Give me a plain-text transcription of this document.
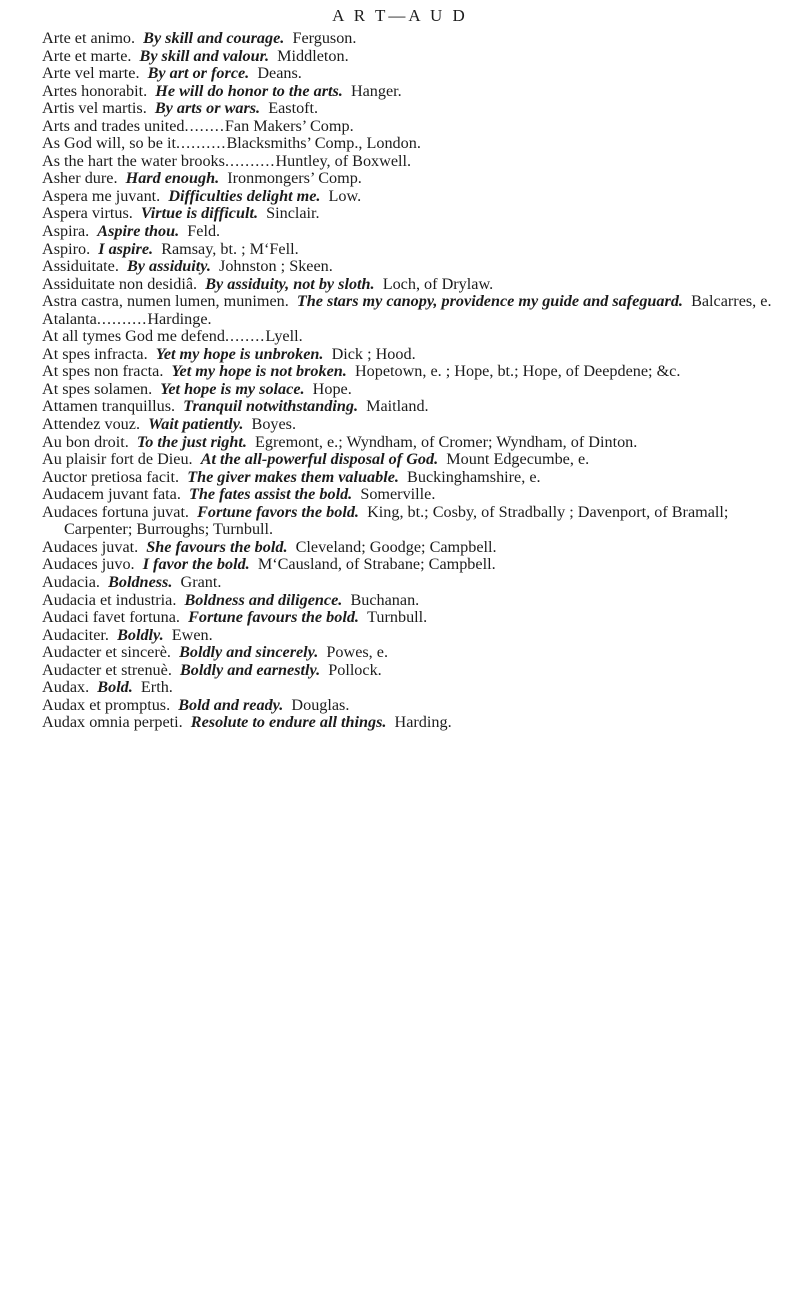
A R T—A U D
Arte et animo. By skill and courage. Ferguson.
Arte et marte. By skill and valour. Middleton.
Arte vel marte. By art or force. Deans.
Artes honorabit. He will do honor to the arts. Hanger.
Artis vel martis. By arts or wars. Eastoft.
Arts and trades united........Fan Makers’ Comp.
As God will, so be it..........Blacksmiths’ Comp., London.
As the hart the water brooks..........Huntley, of Boxwell.
Asher dure. Hard enough. Ironmongers’ Comp.
Aspera me juvant. Difficulties delight me. Low.
Aspera virtus. Virtue is difficult. Sinclair.
Aspira. Aspire thou. Feld.
Aspiro. I aspire. Ramsay, bt. ; M‘Fell.
Assiduitate. By assiduity. Johnston ; Skeen.
Assiduitate non desidiâ. By assiduity, not by sloth. Loch, of Drylaw.
Astra castra, numen lumen, munimen. The stars my canopy, providence my guide and safeguard. Balcarres, e.
Atalanta..........Hardinge.
At all tymes God me defend........Lyell.
At spes infracta. Yet my hope is unbroken. Dick ; Hood.
At spes non fracta. Yet my hope is not broken. Hopetown, e. ; Hope, bt.; Hope, of Deepdene; &c.
At spes solamen. Yet hope is my solace. Hope.
Attamen tranquillus. Tranquil notwithstanding. Maitland.
Attendez vouz. Wait patiently. Boyes.
Au bon droit. To the just right. Egremont, e.; Wyndham, of Cromer; Wyndham, of Dinton.
Au plaisir fort de Dieu. At the all-powerful disposal of God. Mount Edgecumbe, e.
Auctor pretiosa facit. The giver makes them valuable. Buckinghamshire, e.
Audacem juvant fata. The fates assist the bold. Somerville.
Audaces fortuna juvat. Fortune favors the bold. King, bt.; Cosby, of Stradbally ; Davenport, of Bramall; Carpenter; Burroughs; Turnbull.
Audaces juvat. She favours the bold. Cleveland; Goodge; Campbell.
Audaces juvo. I favor the bold. M‘Causland, of Strabane; Campbell.
Audacia. Boldness. Grant.
Audacia et industria. Boldness and diligence. Buchanan.
Audaci favet fortuna. Fortune favours the bold. Turnbull.
Audaciter. Boldly. Ewen.
Audacter et sincerè. Boldly and sincerely. Powes, e.
Audacter et strenuè. Boldly and earnestly. Pollock.
Audax. Bold. Erth.
Audax et promptus. Bold and ready. Douglas.
Audax omnia perpeti. Resolute to endure all things. Harding.
